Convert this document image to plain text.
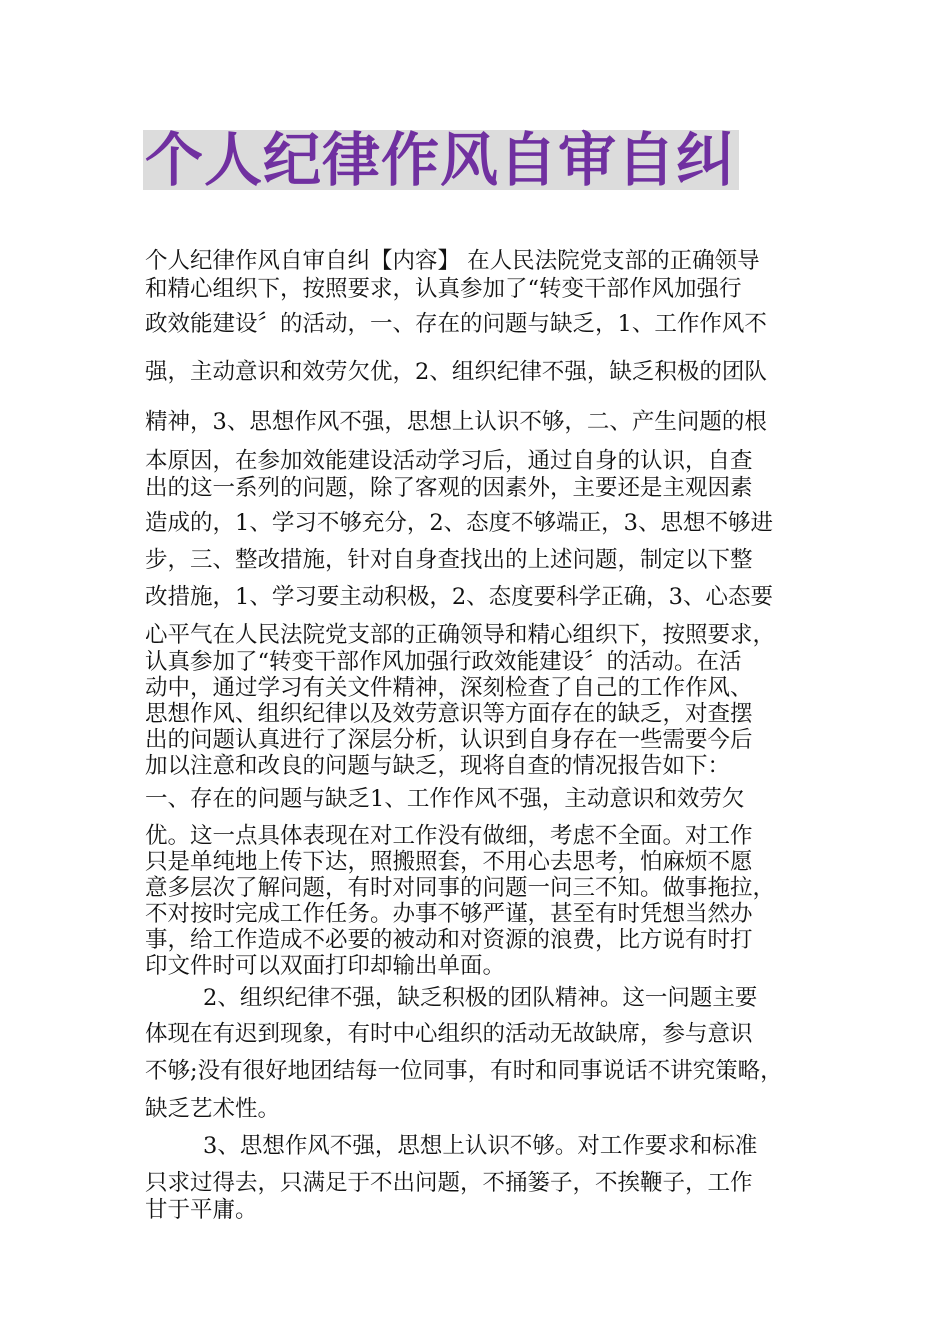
个人纪律作风自审自纠
个人纪律作风自审自纠【内容】 在人民法院党支部的正确领导
和精心组织下，按照要求，认真参加了“转变干部作风加强行
政效能建设〞的活动，一、存在的问题与缺乏，1、工作作风不
强，主动意识和效劳欠优，2、组织纪律不强，缺乏积极的团队
精神，3、思想作风不强，思想上认识不够，二、产生问题的根
本原因，在参加效能建设活动学习后，通过自身的认识，自查
出的这一系列的问题，除了客观的因素外，主要还是主观因素
造成的，1、学习不够充分，2、态度不够端正，3、思想不够进
步，三、整改措施，针对自身查找出的上述问题，制定以下整
改措施，1、学习要主动积极，2、态度要科学正确，3、心态要
心平气在人民法院党支部的正确领导和精心组织下，按照要求，
认真参加了“转变干部作风加强行政效能建设〞的活动。在活
动中，通过学习有关文件精神，深刻检查了自己的工作作风、
思想作风、组织纪律以及效劳意识等方面存在的缺乏，对查摆
出的问题认真进行了深层分析，认识到自身存在一些需要今后
加以注意和改良的问题与缺乏，现将自查的情况报告如下：
一、存在的问题与缺乏1、工作作风不强，主动意识和效劳欠
优。这一点具体表现在对工作没有做细，考虑不全面。对工作
只是单纯地上传下达，照搬照套，不用心去思考，怕麻烦不愿
意多层次了解问题，有时对同事的问题一问三不知。做事拖拉，
不对按时完成工作任务。办事不够严谨，甚至有时凭想当然办
事，给工作造成不必要的被动和对资源的浪费，比方说有时打
印文件时可以双面打印却输出单面。
2、组织纪律不强，缺乏积极的团队精神。这一问题主要
体现在有迟到现象，有时中心组织的活动无故缺席，参与意识
不够;没有很好地团结每一位同事，有时和同事说话不讲究策略，
缺乏艺术性。
3、思想作风不强，思想上认识不够。对工作要求和标准
只求过得去，只满足于不出问题，不捅篓子，不挨鞭子，工作
甘于平庸。
